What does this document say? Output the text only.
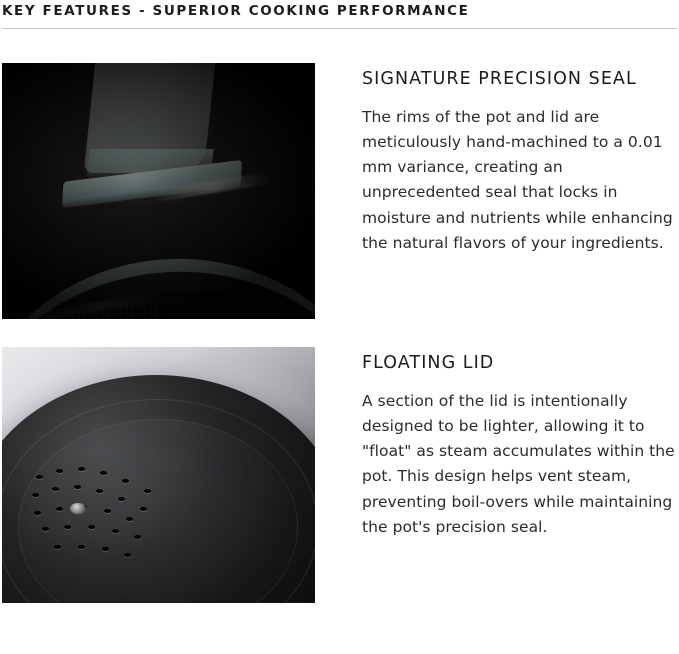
KEY FEATURES - SUPERIOR COOKING PERFORMANCE
SIGNATURE PRECISION SEAL

The rims of the pot and lid are meticulously hand-machined to a 0.01 mm variance, creating an unprecedented seal that locks in moisture and nutrients while enhancing the natural flavors of your ingredients.

FLOATING LID

A section of the lid is intentionally designed to be lighter, allowing it to "float" as steam accumulates within the pot. This design helps vent steam, preventing boil-overs while maintaining the pot's precision seal.
